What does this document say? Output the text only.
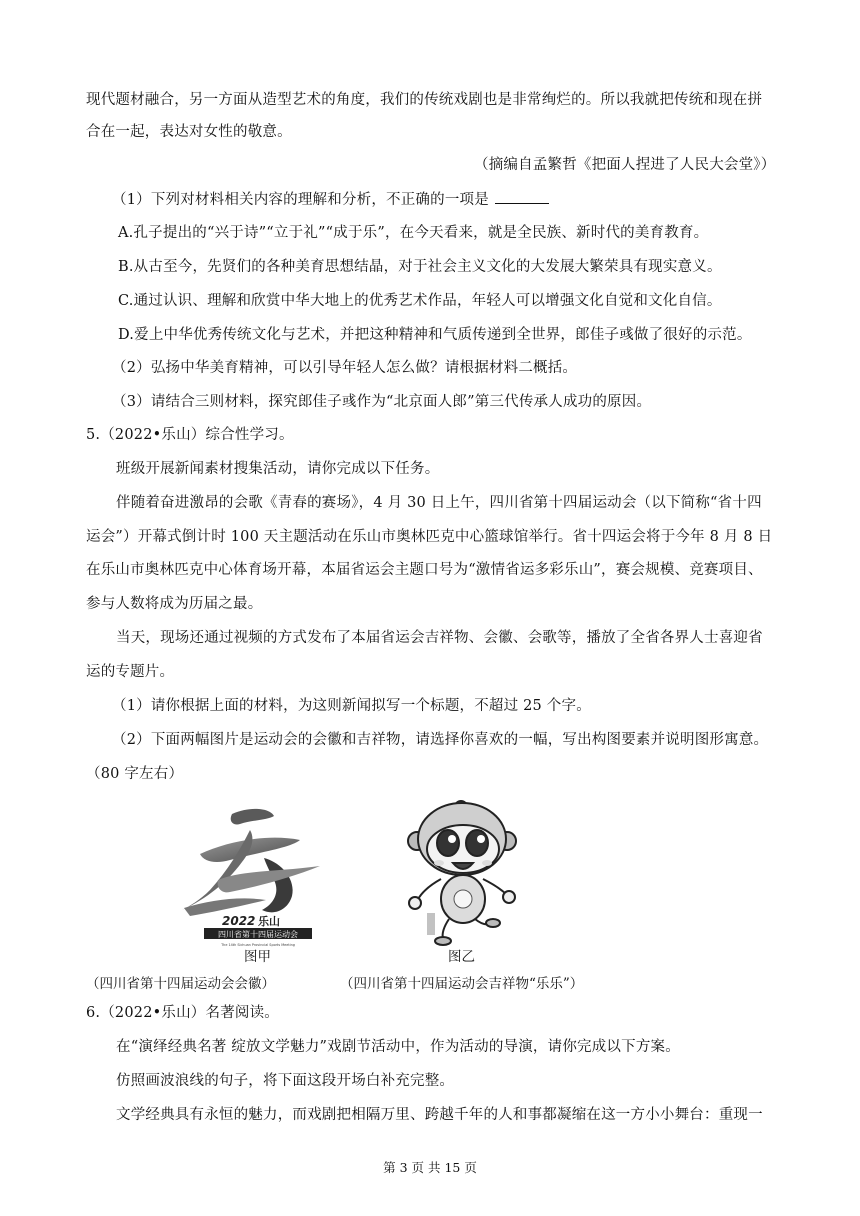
现代题材融合，另一方面从造型艺术的角度，我们的传统戏剧也是非常绚烂的。所以我就把传统和现在拼
合在一起，表达对女性的敬意。
（摘编自孟繁哲《把面人捏进了人民大会堂》）
（1）下列对材料相关内容的理解和分析，不正确的一项是
A.孔子提出的“兴于诗”“立于礼”“成于乐”，在今天看来，就是全民族、新时代的美育教育。
B.从古至今，先贤们的各种美育思想结晶，对于社会主义文化的大发展大繁荣具有现实意义。
C.通过认识、理解和欣赏中华大地上的优秀艺术作品，年轻人可以增强文化自觉和文化自信。
D.爱上中华优秀传统文化与艺术，并把这种精神和气质传递到全世界，郎佳子彧做了很好的示范。
（2）弘扬中华美育精神，可以引导年轻人怎么做？请根据材料二概括。
（3）请结合三则材料，探究郎佳子彧作为“北京面人郎”第三代传承人成功的原因。
5.（2022•乐山）综合性学习。
班级开展新闻素材搜集活动，请你完成以下任务。
伴随着奋进激昂的会歌《青春的赛场》，4 月 30 日上午，四川省第十四届运动会（以下简称“省十四
运会”）开幕式倒计时 100 天主题活动在乐山市奥林匹克中心篮球馆举行。省十四运会将于今年 8 月 8 日
在乐山市奥林匹克中心体育场开幕，本届省运会主题口号为“激情省运多彩乐山”，赛会规模、竞赛项目、
参与人数将成为历届之最。
当天，现场还通过视频的方式发布了本届省运会吉祥物、会徽、会歌等，播放了全省各界人士喜迎省
运的专题片。
（1）请你根据上面的材料，为这则新闻拟写一个标题，不超过 25 个字。
（2）下面两幅图片是运动会的会徽和吉祥物，请选择你喜欢的一幅，写出构图要素并说明图形寓意。
（80 字左右）
2022 乐山
四川省第十四届运动会
The 14th Sichuan Provincial Sports Meeting
图甲	图乙
（四川省第十四届运动会会徽）	（四川省第十四届运动会吉祥物“乐乐”）
6.（2022•乐山）名著阅读。
在“演绎经典名著 绽放文学魅力”戏剧节活动中，作为活动的导演，请你完成以下方案。
仿照画波浪线的句子，将下面这段开场白补充完整。
文学经典具有永恒的魅力，而戏剧把相隔万里、跨越千年的人和事都凝缩在这一方小小舞台：重现一
第 3 页 共 15 页
